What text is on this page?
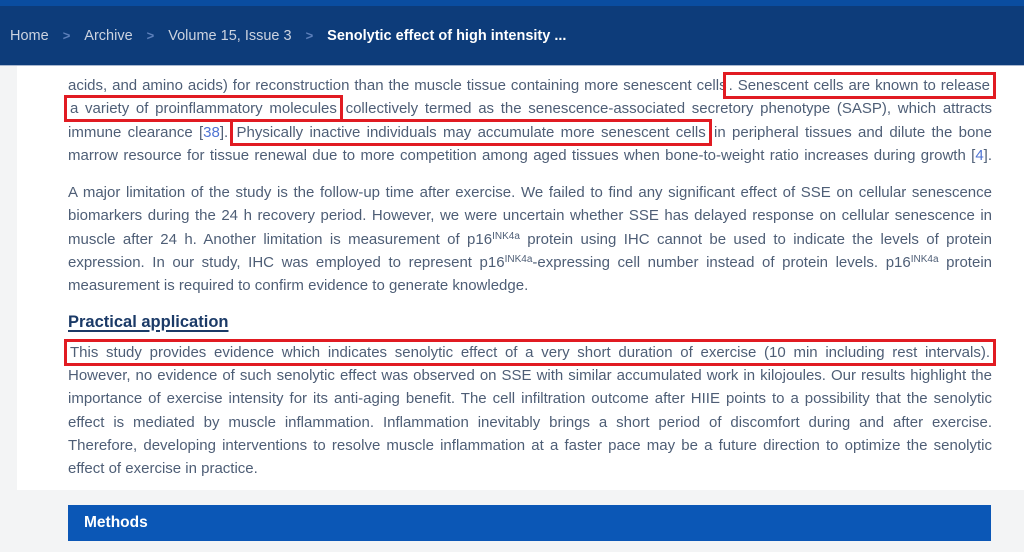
Home > Archive > Volume 15, Issue 3 > Senolytic effect of high intensity ...
acids, and amino acids) for reconstruction than the muscle tissue containing more senescent cells . Senescent cells are known to release
a variety of proinflammatory molecules collectively termed as the senescence-associated secretory phenotype (SASP), which attracts
immune clearance [38]. Physically inactive individuals may accumulate more senescent cells in peripheral tissues and dilute the bone
marrow resource for tissue renewal due to more competition among aged tissues when bone-to-weight ratio increases during growth [4].
A major limitation of the study is the follow-up time after exercise. We failed to find any significant effect of SSE on cellular senescence
biomarkers during the 24 h recovery period. However, we were uncertain whether SSE has delayed response on cellular senescence in
muscle after 24 h. Another limitation is measurement of $p16^{INK4a}$ protein using IHC cannot be used to indicate the levels of protein
expression. In our study, IHC was employed to represent $p16^{INK4a}$-expressing cell number instead of protein levels. $p16^{INK4a}$ protein
measurement is required to confirm evidence to generate knowledge.
Practical application
This study provides evidence which indicates senolytic effect of a very short duration of exercise (10 min including rest intervals).
However, no evidence of such senolytic effect was observed on SSE with similar accumulated work in kilojoules. Our results highlight the
importance of exercise intensity for its anti-aging benefit. The cell infiltration outcome after HIIE points to a possibility that the senolytic
effect is mediated by muscle inflammation. Inflammation inevitably brings a short period of discomfort during and after exercise.
Therefore, developing interventions to resolve muscle inflammation at a faster pace may be a future direction to optimize the senolytic
effect of exercise in practice.
Methods
